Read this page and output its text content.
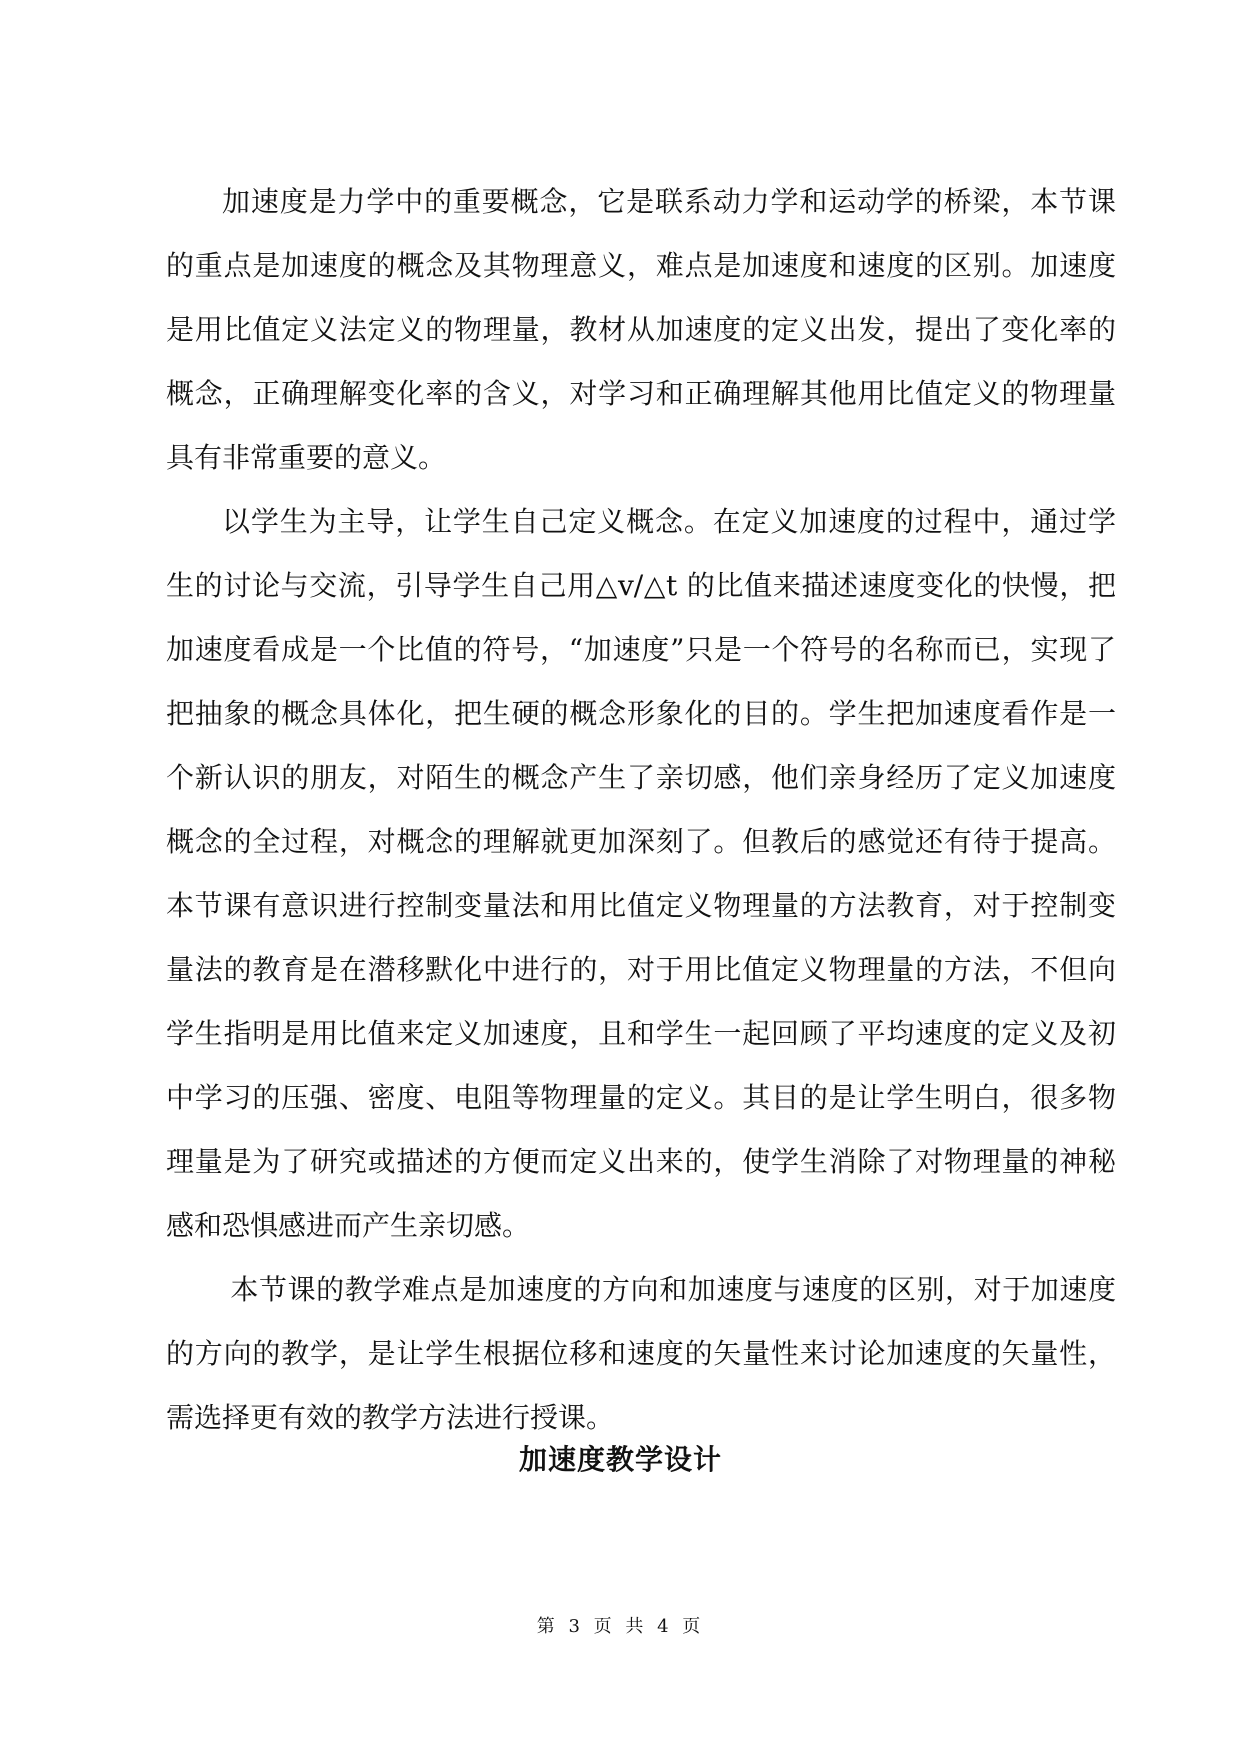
加速度是力学中的重要概念，它是联系动力学和运动学的桥梁，本节课的重点是加速度的概念及其物理意义，难点是加速度和速度的区别。加速度是用比值定义法定义的物理量，教材从加速度的定义出发，提出了变化率的概念，正确理解变化率的含义，对学习和正确理解其他用比值定义的物理量具有非常重要的意义。

以学生为主导，让学生自己定义概念。在定义加速度的过程中，通过学生的讨论与交流，引导学生自己用△v/△t 的比值来描述速度变化的快慢，把加速度看成是一个比值的符号，“加速度”只是一个符号的名称而已，实现了把抽象的概念具体化，把生硬的概念形象化的目的。学生把加速度看作是一个新认识的朋友，对陌生的概念产生了亲切感，他们亲身经历了定义加速度概念的全过程，对概念的理解就更加深刻了。但教后的感觉还有待于提高。本节课有意识进行控制变量法和用比值定义物理量的方法教育，对于控制变量法的教育是在潜移默化中进行的，对于用比值定义物理量的方法，不但向学生指明是用比值来定义加速度，且和学生一起回顾了平均速度的定义及初中学习的压强、密度、电阻等物理量的定义。其目的是让学生明白，很多物理量是为了研究或描述的方便而定义出来的，使学生消除了对物理量的神秘感和恐惧感进而产生亲切感。

本节课的教学难点是加速度的方向和加速度与速度的区别，对于加速度的方向的教学，是让学生根据位移和速度的矢量性来讨论加速度的矢量性，需选择更有效的教学方法进行授课。

加速度教学设计
第 3 页 共 4 页
